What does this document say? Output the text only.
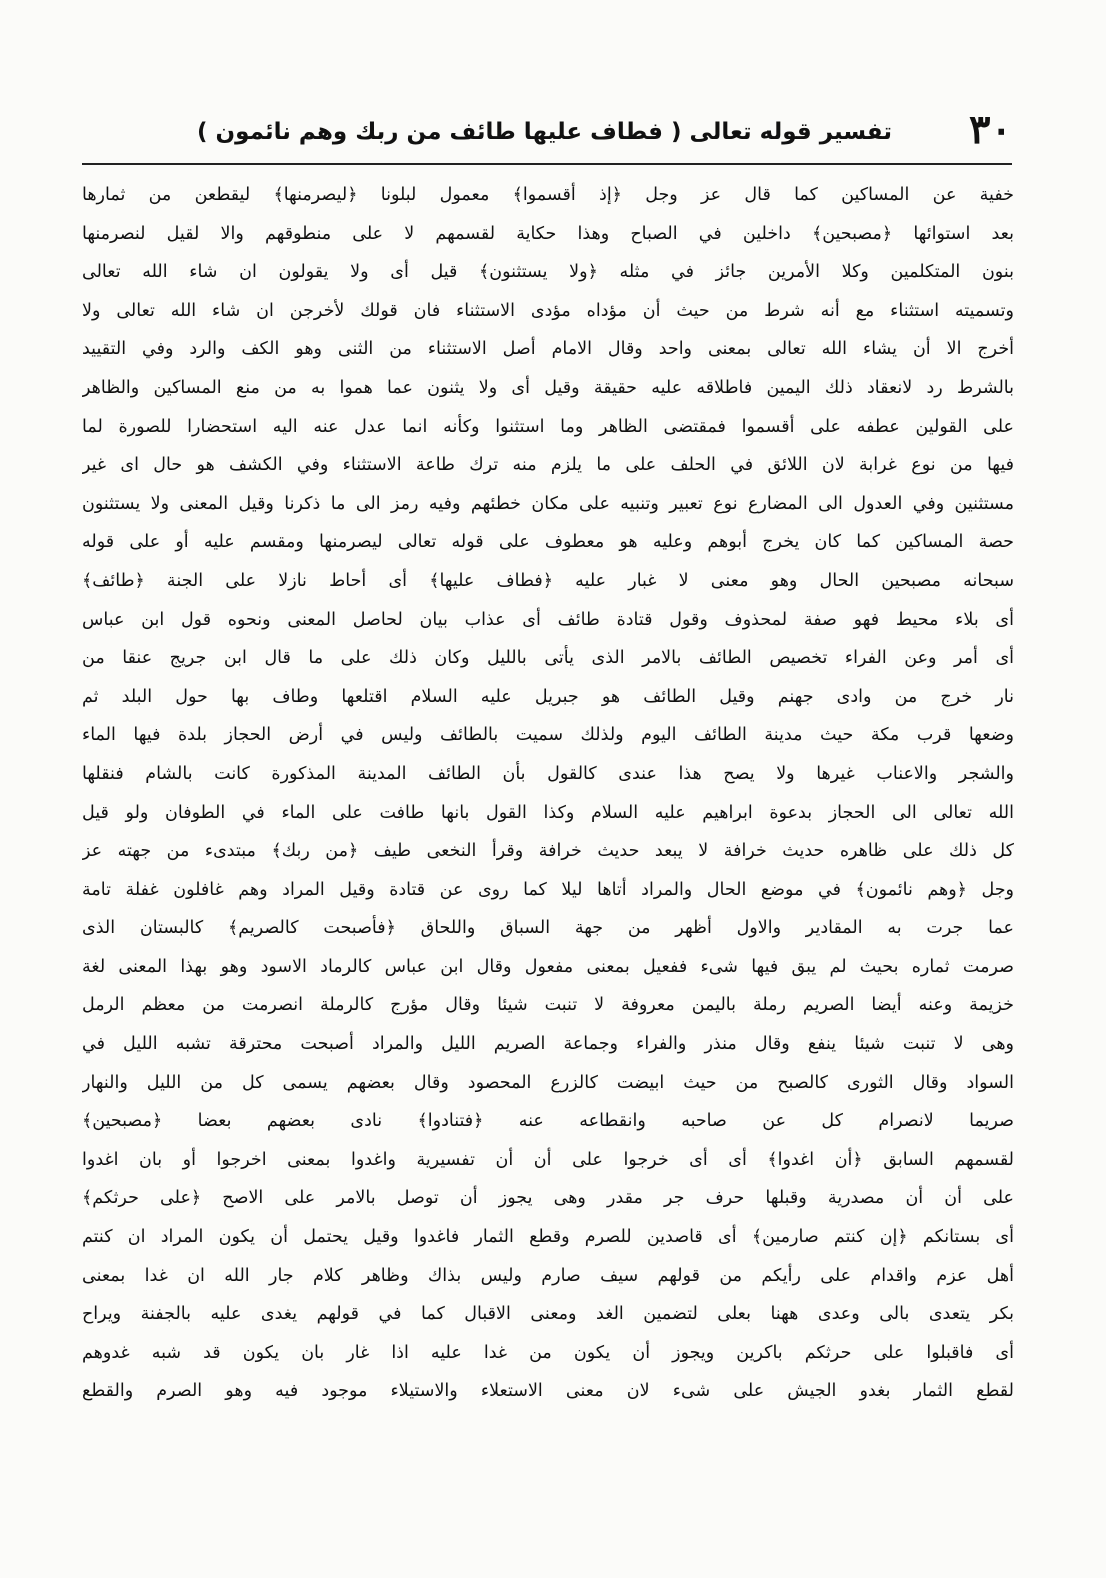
٣٠
تفسير قوله تعالى ( فطاف عليها طائف من ربك وهم نائمون )
خفية عن المساكين كما قال عز وجل ﴿إذ أقسموا﴾ معمول لبلونا ﴿ليصرمنها﴾ ليقطعن من ثمارها
بعد استوائها ﴿مصبحين﴾ داخلين في الصباح وهذا حكاية لقسمهم لا على منطوقهم والا لقيل لنصرمنها
بنون المتكلمين وكلا الأمرين جائز في مثله ﴿ولا يستثنون﴾ قيل أى ولا يقولون ان شاء الله تعالى
وتسميته استثناء مع أنه شرط من حيث أن مؤداه مؤدى الاستثناء فان قولك لأخرجن ان شاء الله تعالى ولا
أخرج الا أن يشاء الله تعالى بمعنى واحد وقال الامام أصل الاستثناء من الثنى وهو الكف والرد وفي التقييد
بالشرط رد لانعقاد ذلك اليمين فاطلاقه عليه حقيقة وقيل أى ولا يثنون عما هموا به من منع المساكين والظاهر
على القولين عطفه على أقسموا فمقتضى الظاهر وما استثنوا وكأنه انما عدل عنه اليه استحضارا للصورة لما
فيها من نوع غرابة لان اللائق في الحلف على ما يلزم منه ترك طاعة الاستثناء وفي الكشف هو حال اى غير
مستثنين وفي العدول الى المضارع نوع تعبير وتنبيه على مكان خطئهم وفيه رمز الى ما ذكرنا وقيل المعنى ولا يستثنون
حصة المساكين كما كان يخرج أبوهم وعليه هو معطوف على قوله تعالى ليصرمنها ومقسم عليه أو على قوله
سبحانه مصبحين الحال وهو معنى لا غبار عليه ﴿فطاف عليها﴾ أى أحاط نازلا على الجنة ﴿طائف﴾
أى بلاء محيط فهو صفة لمحذوف وقول قتادة طائف أى عذاب بيان لحاصل المعنى ونحوه قول ابن عباس
أى أمر وعن الفراء تخصيص الطائف بالامر الذى يأتى بالليل وكان ذلك على ما قال ابن جريج عنقا من
نار خرج من وادى جهنم وقيل الطائف هو جبريل عليه السلام اقتلعها وطاف بها حول البلد ثم
وضعها قرب مكة حيث مدينة الطائف اليوم ولذلك سميت بالطائف وليس في أرض الحجاز بلدة فيها الماء
والشجر والاعناب غيرها ولا يصح هذا عندى كالقول بأن الطائف المدينة المذكورة كانت بالشام فنقلها
الله تعالى الى الحجاز بدعوة ابراهيم عليه السلام وكذا القول بانها طافت على الماء في الطوفان ولو قيل
كل ذلك على ظاهره حديث خرافة لا يبعد حديث خرافة وقرأ النخعى طيف ﴿من ربك﴾ مبتدىء من جهته عز
وجل ﴿وهم نائمون﴾ في موضع الحال والمراد أتاها ليلا كما روى عن قتادة وقيل المراد وهم غافلون غفلة تامة
عما جرت به المقادير والاول أظهر من جهة السباق واللحاق ﴿فأصبحت كالصريم﴾ كالبستان الذى
صرمت ثماره بحيث لم يبق فيها شىء ففعيل بمعنى مفعول وقال ابن عباس كالرماد الاسود وهو بهذا المعنى لغة
خزيمة وعنه أيضا الصريم رملة باليمن معروفة لا تنبت شيئا وقال مؤرج كالرملة انصرمت من معظم الرمل
وهى لا تنبت شيئا ينفع وقال منذر والفراء وجماعة الصريم الليل والمراد أصبحت محترقة تشبه الليل في
السواد وقال الثورى كالصبح من حيث ابيضت كالزرع المحصود وقال بعضهم يسمى كل من الليل والنهار
صريما لانصرام كل عن صاحبه وانقطاعه عنه ﴿فتنادوا﴾ نادى بعضهم بعضا ﴿مصبحين﴾
لقسمهم السابق ﴿أن اغدوا﴾ أى أى خرجوا على أن أن تفسيرية واغدوا بمعنى اخرجوا أو بان اغدوا
على أن أن مصدرية وقبلها حرف جر مقدر وهى يجوز أن توصل بالامر على الاصح ﴿على حرثكم﴾
أى بستانكم ﴿إن كنتم صارمين﴾ أى قاصدين للصرم وقطع الثمار فاغدوا وقيل يحتمل أن يكون المراد ان كنتم
أهل عزم واقدام على رأيكم من قولهم سيف صارم وليس بذاك وظاهر كلام جار الله ان غدا بمعنى
بكر يتعدى بالى وعدى ههنا بعلى لتضمين الغد ومعنى الاقبال كما في قولهم يغدى عليه بالجفنة ويراح
أى فاقبلوا على حرثكم باكرين ويجوز أن يكون من غدا عليه اذا غار بان يكون قد شبه غدوهم
لقطع الثمار بغدو الجيش على شىء لان معنى الاستعلاء والاستيلاء موجود فيه وهو الصرم والقطع
